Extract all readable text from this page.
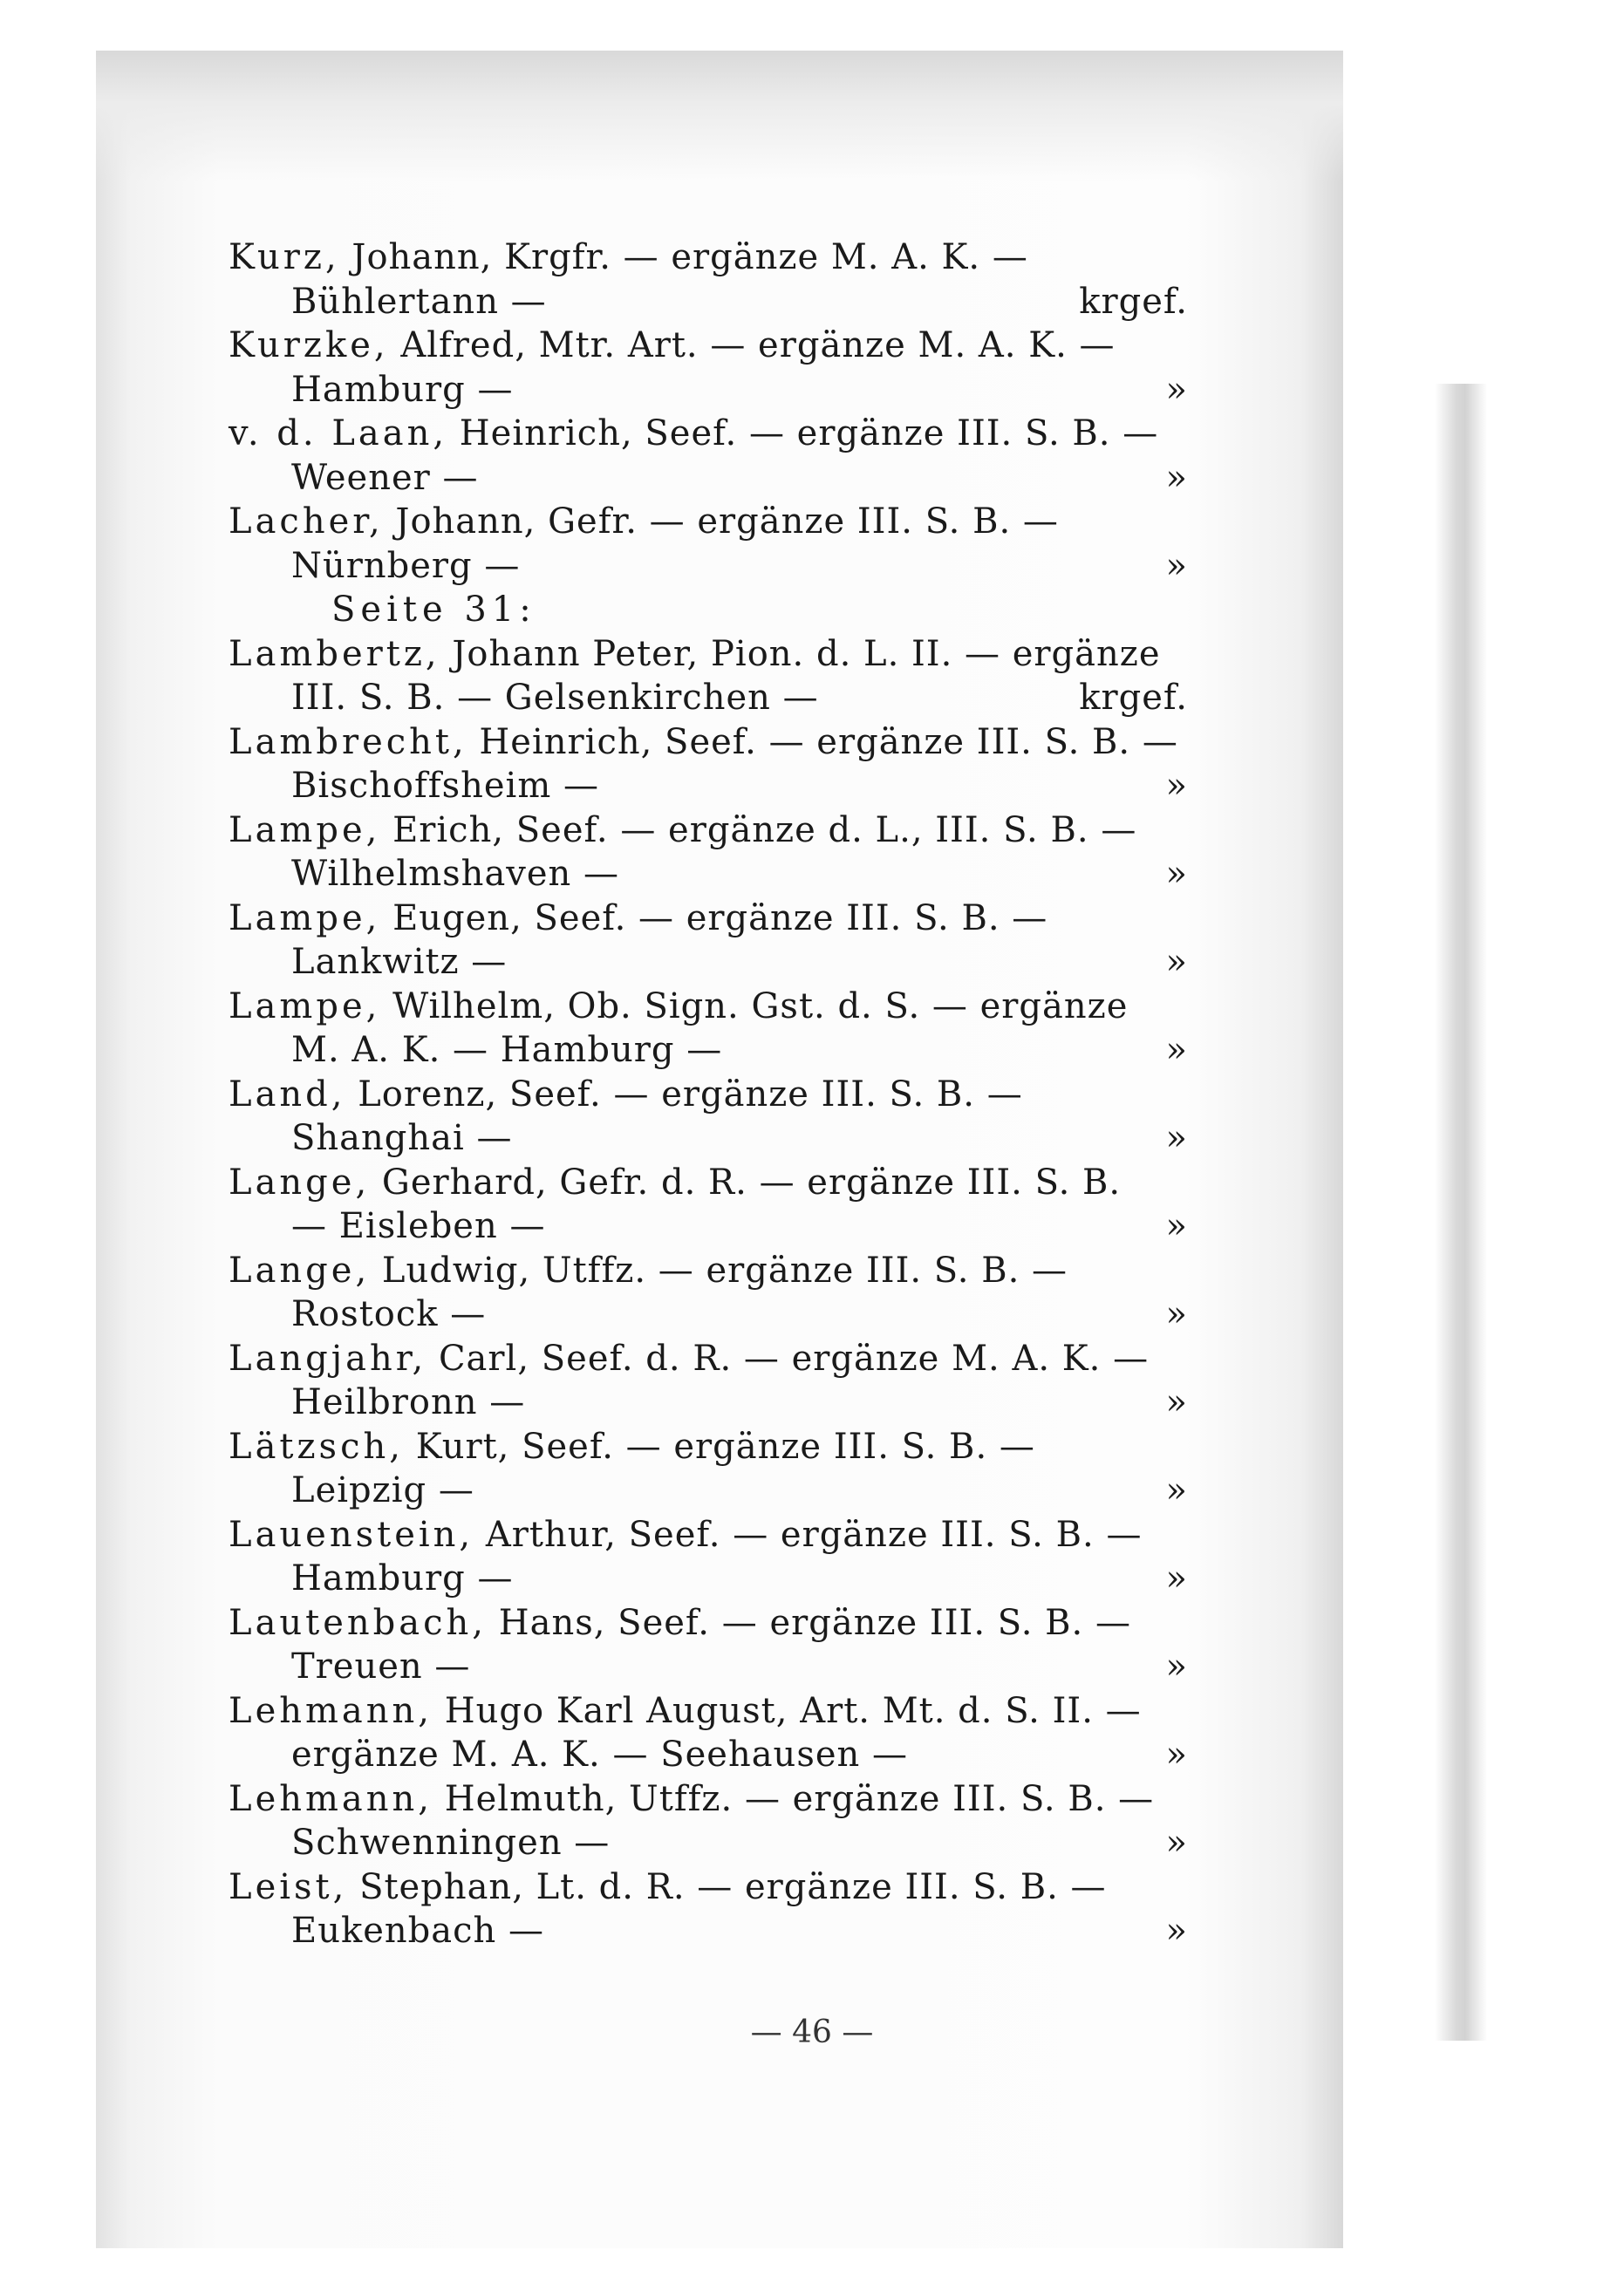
Kurz, Johann, Krgfr. — ergänze M. A. K. —
Bühlertann —	krgef.
Kurzke, Alfred, Mtr. Art. — ergänze M. A. K. —
Hamburg —	»
v. d. Laan, Heinrich, Seef. — ergänze III. S. B. —
Weener —	»
Lacher, Johann, Gefr. — ergänze III. S. B. —
Nürnberg —	»
Seite 31:
Lambertz, Johann Peter, Pion. d. L. II. — ergänze
III. S. B. — Gelsenkirchen —	krgef.
Lambrecht, Heinrich, Seef. — ergänze III. S. B. —
Bischoffsheim —	»
Lampe, Erich, Seef. — ergänze d. L., III. S. B. —
Wilhelmshaven —	»
Lampe, Eugen, Seef. — ergänze III. S. B. —
Lankwitz —	»
Lampe, Wilhelm, Ob. Sign. Gst. d. S. — ergänze
M. A. K. — Hamburg —	»
Land, Lorenz, Seef. — ergänze III. S. B. —
Shanghai —	»
Lange, Gerhard, Gefr. d. R. — ergänze III. S. B.
— Eisleben —	»
Lange, Ludwig, Utffz. — ergänze III. S. B. —
Rostock —	»
Langjahr, Carl, Seef. d. R. — ergänze M. A. K. —
Heilbronn —	»
Lätzsch, Kurt, Seef. — ergänze III. S. B. —
Leipzig —	»
Lauenstein, Arthur, Seef. — ergänze III. S. B. —
Hamburg —	»
Lautenbach, Hans, Seef. — ergänze III. S. B. —
Treuen —	»
Lehmann, Hugo Karl August, Art. Mt. d. S. II. —
ergänze M. A. K. — Seehausen —	»
Lehmann, Helmuth, Utffz. — ergänze III. S. B. —
Schwenningen —	»
Leist, Stephan, Lt. d. R. — ergänze III. S. B. —
Eukenbach —	»
— 46 —
